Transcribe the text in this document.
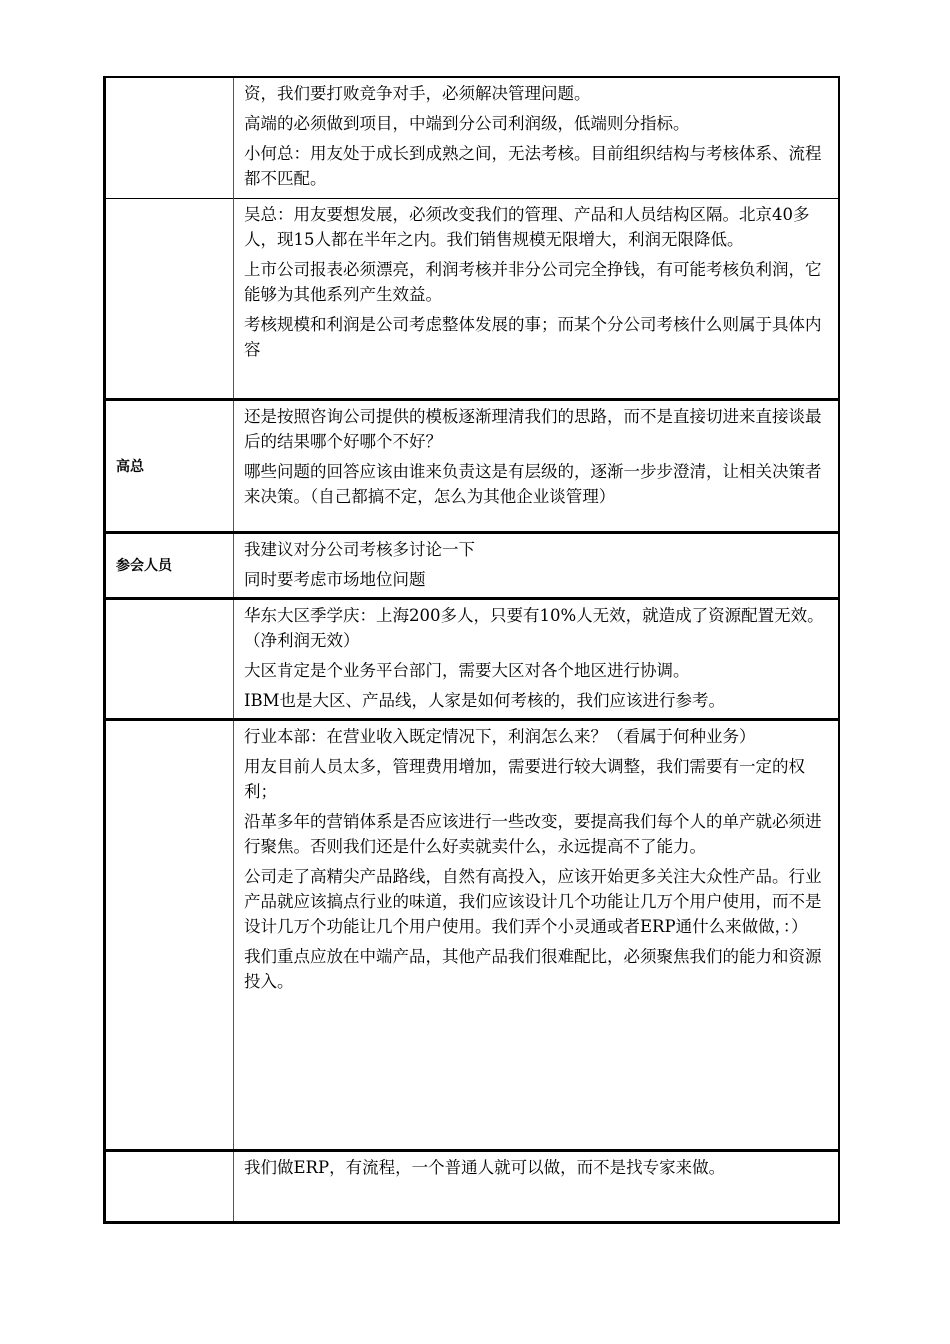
	资，我们要打败竞争对手，必须解决管理问题。

高端的必须做到项目，中端到分公司利润级，低端则分指标。

小何总：用友处于成长到成熟之间，无法考核。目前组织结构与考核体系、流程都不匹配。

	吴总：用友要想发展，必须改变我们的管理、产品和人员结构区隔。北京40多人，现15人都在半年之内。我们销售规模无限增大，利润无限降低。

上市公司报表必须漂亮，利润考核并非分公司完全挣钱，有可能考核负利润，它能够为其他系列产生效益。

考核规模和利润是公司考虑整体发展的事；而某个分公司考核什么则属于具体内容

高总	还是按照咨询公司提供的模板逐渐理清我们的思路，而不是直接切进来直接谈最后的结果哪个好哪个不好？

哪些问题的回答应该由谁来负责这是有层级的，逐渐一步步澄清，让相关决策者来决策。（自己都搞不定，怎么为其他企业谈管理）

参会人员	我建议对分公司考核多讨论一下

同时要考虑市场地位问题

	华东大区季学庆：上海200多人，只要有10%人无效，就造成了资源配置无效。（净利润无效）

大区肯定是个业务平台部门，需要大区对各个地区进行协调。

IBM也是大区、产品线，人家是如何考核的，我们应该进行参考。

	行业本部：在营业收入既定情况下，利润怎么来？（看属于何种业务）

用友目前人员太多，管理费用增加，需要进行较大调整，我们需要有一定的权利；

沿革多年的营销体系是否应该进行一些改变，要提高我们每个人的单产就必须进行聚焦。否则我们还是什么好卖就卖什么，永远提高不了能力。

公司走了高精尖产品路线，自然有高投入，应该开始更多关注大众性产品。行业产品就应该搞点行业的味道，我们应该设计几个功能让几万个用户使用，而不是设计几万个功能让几个用户使用。我们弄个小灵通或者ERP通什么来做做，：）

我们重点应放在中端产品，其他产品我们很难配比，必须聚焦我们的能力和资源投入。

	我们做ERP，有流程，一个普通人就可以做，而不是找专家来做。
